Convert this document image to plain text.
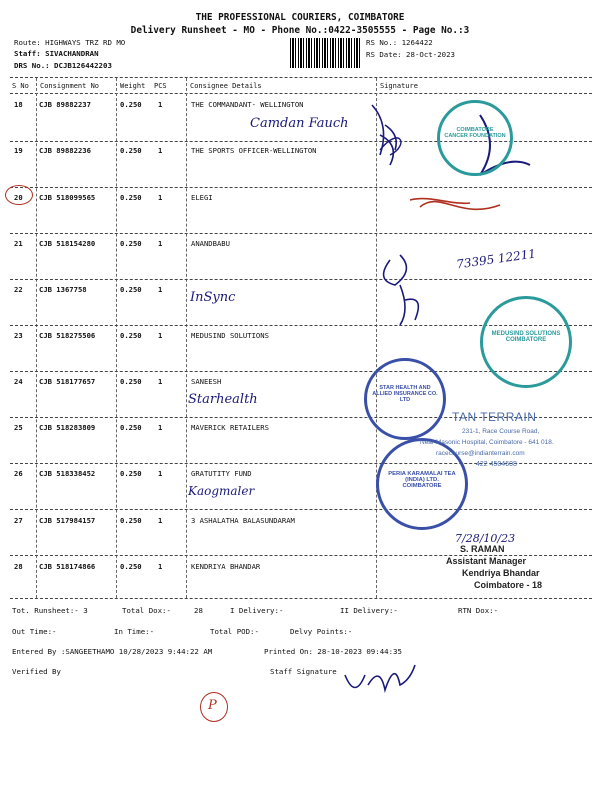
THE PROFESSIONAL COURIERS, COIMBATORE
Delivery Runsheet - MO - Phone No.:0422-3505555 - Page No.:3
Route: HIGHWAYS TRZ RD MO
Staff: SIVACHANDRAN
DRS No.: DCJB126442203
RS No.: 1264422
RS Date: 28-Oct-2023
S No Consignment No	Weight PCS	Consignee Details	Signature
18 CJB 89882237	0.250 1	THE COMMANDANT- WELLINGTON
19 CJB 89882236	0.250 1	THE SPORTS OFFICER-WELLINGTON
20 CJB 518099565	0.250 1	ELEGI
21 CJB 518154280	0.250 1	ANANDBABU
22 CJB 1367758	0.250 1
23 CJB 518275506	0.250 1	MEDUSIND SOLUTIONS
24 CJB 518177657	0.250 1	SANEESH
25 CJB 518283809	0.250 1	MAVERICK RETAILERS
26 CJB 518338452	0.250 1	GRATUTITY FUND
27 CJB 517984157	0.250 1	3 ASHALATHA BALASUNDARAM
28 CJB 518174866	0.250 1	KENDRIYA BHANDAR
Camdan Fauch
InSync
Starhealth
Kaogmaler
73395 12211
7/28/10/23
COIMBATORE CANCER FOUNDATION
MEDUSIND SOLUTIONS COIMBATORE
STAR HEALTH AND ALLIED INSURANCE CO. LTD
PERIA KARAMALAI TEA (INDIA) LTD. COIMBATORE
TAN TERRAIN
231-1, Race Course Road,
Near Masonic Hospital, Coimbatore - 641 018.
racecourse@indianterrain.com
422 4504608
S. RAMAN
Assistant Manager
Kendriya Bhandar
Coimbatore - 18
Tot. Runsheet:- 3	Total Dox:-	28	I Delivery:-	II Delivery:-	RTN Dox:-
Out Time:-	In Time:-	Total POD:-	Delvy Points:-
Entered By :SANGEETHAMO 10/28/2023 9:44:22 AM	Printed On: 28-10-2023 09:44:35
Verified By	Staff Signature
P
